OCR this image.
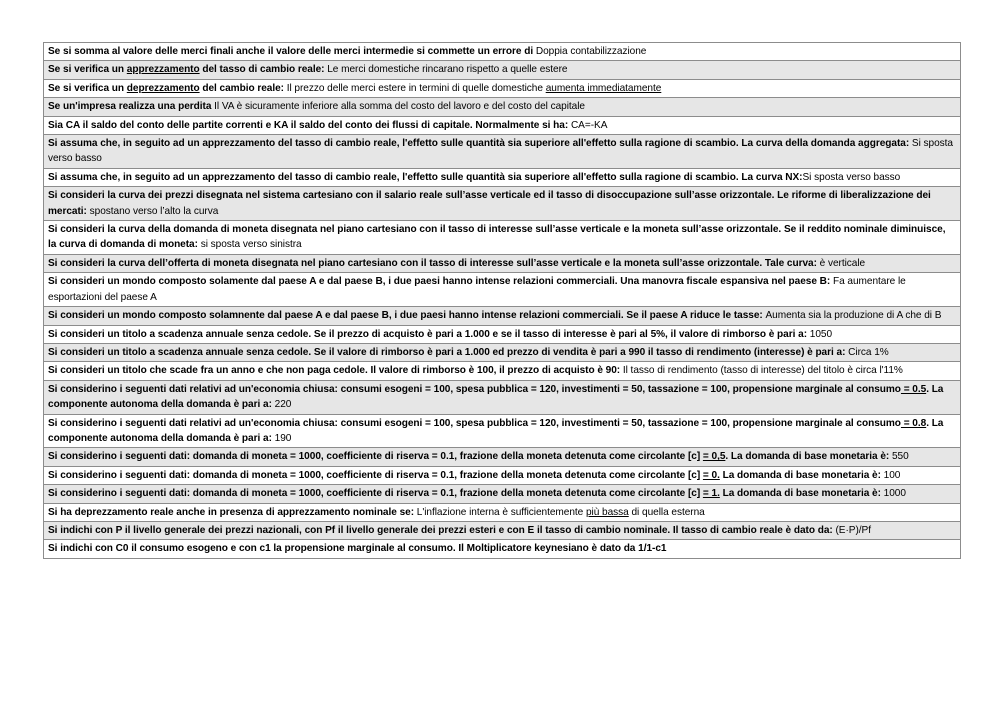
Se si somma al valore delle merci finali anche il valore delle merci intermedie si commette un errore di Doppia contabilizzazione
Se si verifica un apprezzamento del tasso di cambio reale: Le merci domestiche rincarano rispetto a quelle estere
Se si verifica un deprezzamento del cambio reale: Il prezzo delle merci estere in termini di quelle domestiche aumenta immediatamente
Se un'impresa realizza una perdita Il VA è sicuramente inferiore alla somma del costo del lavoro e del costo del capitale
Sia CA il saldo del conto delle partite correnti e KA il saldo del conto dei flussi di capitale. Normalmente si ha: CA=-KA
Si assuma che, in seguito ad un apprezzamento del tasso di cambio reale, l'effetto sulle quantità sia superiore all'effetto sulla ragione di scambio. La curva della domanda aggregata: Si sposta verso basso
Si assuma che, in seguito ad un apprezzamento del tasso di cambio reale, l'effetto sulle quantità sia superiore all'effetto sulla ragione di scambio. La curva NX:Si sposta verso basso
Si consideri la curva dei prezzi disegnata nel sistema cartesiano con il salario reale sull’asse verticale ed il tasso di disoccupazione sull’asse orizzontale. Le riforme di liberalizzazione dei mercati: spostano verso l’alto la curva
Si consideri la curva della domanda di moneta disegnata nel piano cartesiano con il tasso di interesse sull’asse verticale e la moneta sull’asse orizzontale. Se il reddito nominale diminuisce, la curva di domanda di moneta: si sposta verso sinistra
Si consideri la curva dell’offerta di moneta disegnata nel piano cartesiano con il tasso di interesse sull’asse verticale e la moneta sull’asse orizzontale. Tale curva: è verticale
Si consideri un mondo composto solamente dal paese A e dal paese B, i due paesi hanno intense relazioni commerciali. Una manovra fiscale espansiva nel paese B: Fa aumentare le esportazioni del paese A
Si consideri un mondo composto solamnente dal paese A e dal paese B, i due paesi hanno intense relazioni commerciali. Se il paese A riduce le tasse: Aumenta sia la produzione di A che di B
Si consideri un titolo a scadenza annuale senza cedole. Se il prezzo di acquisto è pari a 1.000 e se il tasso di interesse è pari al 5%, il valore di rimborso è pari a: 1050
Si consideri un titolo a scadenza annuale senza cedole. Se il valore di rimborso è pari a 1.000 ed prezzo di vendita è pari a 990 il tasso di rendimento (interesse) è pari a: Circa 1%
Si consideri un titolo che scade fra un anno e che non paga cedole. Il valore di rimborso è 100, il prezzo di acquisto è 90: Il tasso di rendimento (tasso di interesse) del titolo è circa l'11%
Si considerino i seguenti dati relativi ad un'economia chiusa: consumi esogeni = 100, spesa pubblica = 120, investimenti = 50, tassazione = 100, propensione marginale al consumo = 0.5. La componente autonoma della domanda è pari a: 220
Si considerino i seguenti dati relativi ad un'economia chiusa: consumi esogeni = 100, spesa pubblica = 120, investimenti = 50, tassazione = 100, propensione marginale al consumo = 0.8. La componente autonoma della domanda è pari a: 190
Si considerino i seguenti dati: domanda di moneta = 1000, coefficiente di riserva = 0.1, frazione della moneta detenuta come circolante [c] = 0,5. La domanda di base monetaria è: 550
Si considerino i seguenti dati: domanda di moneta = 1000, coefficiente di riserva = 0.1, frazione della moneta detenuta come circolante [c] = 0. La domanda di base monetaria è: 100
Si considerino i seguenti dati: domanda di moneta = 1000, coefficiente di riserva = 0.1, frazione della moneta detenuta come circolante [c] = 1. La domanda di base monetaria è: 1000
Si ha deprezzamento reale anche in presenza di apprezzamento nominale se: L'inflazione interna è sufficientemente più bassa di quella esterna
Si indichi con P il livello generale dei prezzi nazionali, con Pf il livello generale dei prezzi esteri e con E il tasso di cambio nominale. Il tasso di cambio reale è dato da: (E·P)/Pf
Si indichi con C0 il consumo esogeno e con c1 la propensione marginale al consumo. Il Moltiplicatore keynesiano è dato da 1/1-c1
